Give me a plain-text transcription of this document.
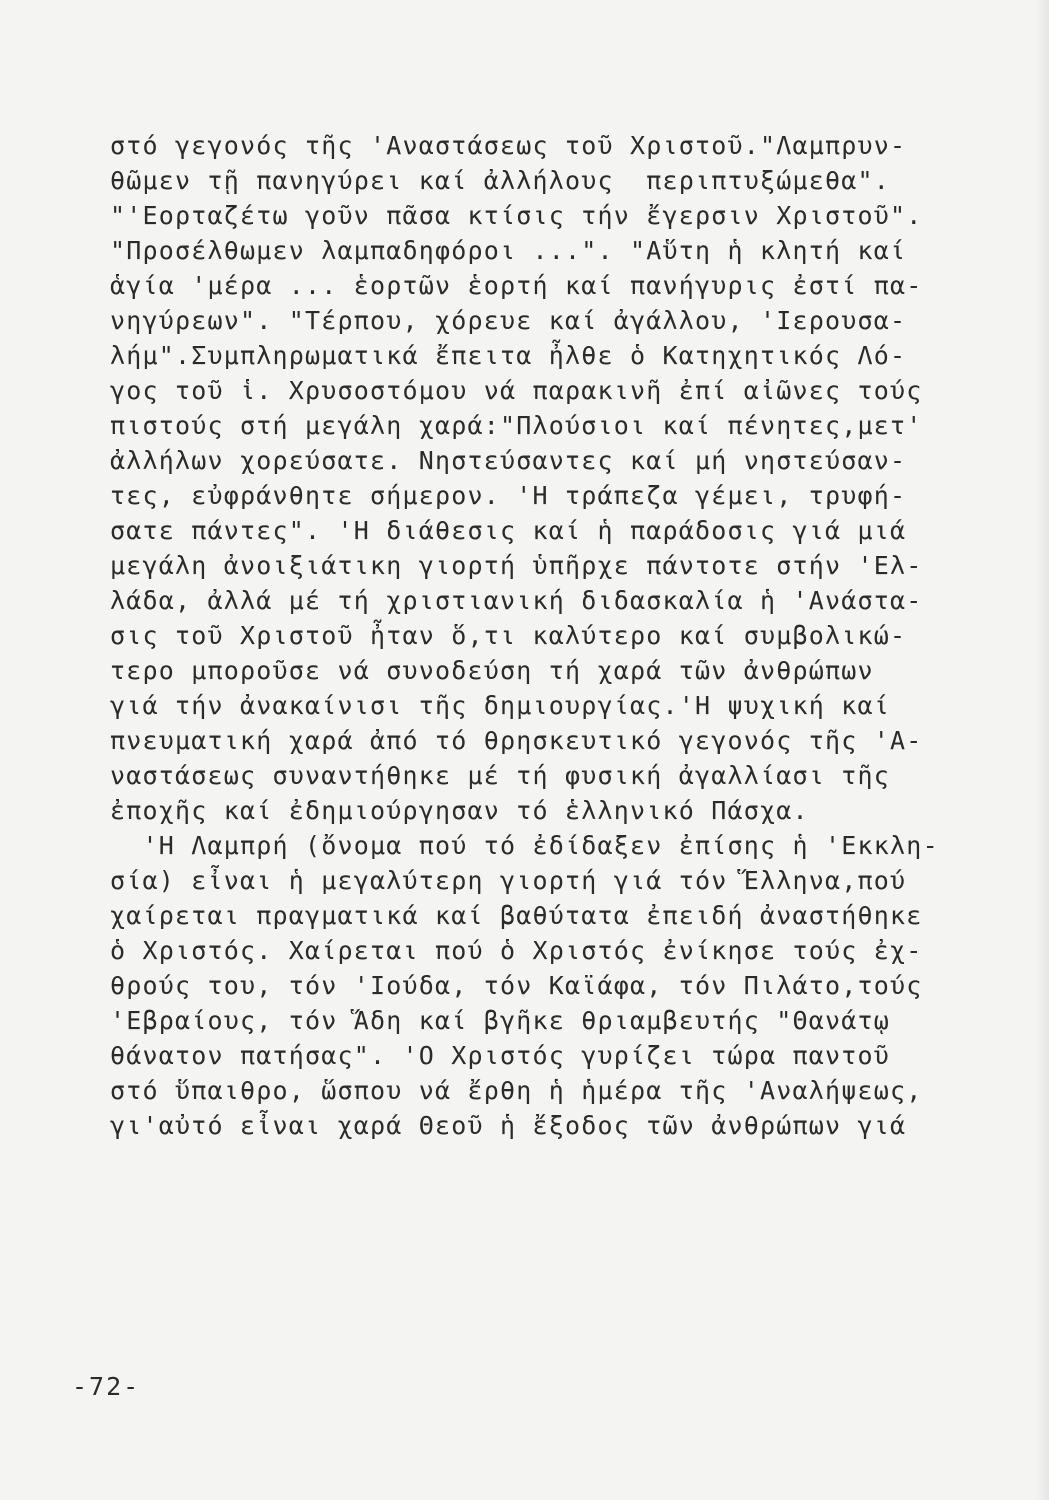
στό γεγονός τῆς 'Αναστάσεως τοῦ Χριστοῦ."Λαμπρυν-
θῶμεν τῇ πανηγύρει καί ἀλλήλους  περιπτυξώμεθα".
"'Εορταζέτω γοῦν πᾶσα κτίσις τήν ἔγερσιν Χριστοῦ".
"Προσέλθωμεν λαμπαδηφόροι ...". "Αὕτη ἡ κλητή καί
ἁγία 'μέρα ... ἑορτῶν ἑορτή καί πανήγυρις ἐστί πα-
νηγύρεων". "Τέρπου, χόρευε καί ἀγάλλου, 'Ιερουσα-
λήμ".Συμπληρωματικά ἔπειτα ἦλθε ὁ Κατηχητικός Λό-
γος τοῦ ἱ. Χρυσοστόμου νά παρακινῆ ἐπί αἰῶνες τούς
πιστούς στή μεγάλη χαρά:"Πλούσιοι καί πένητες,μετ'
ἀλλήλων χορεύσατε. Νηστεύσαντες καί μή νηστεύσαν-
τες, εὐφράνθητε σήμερον. 'Η τράπεζα γέμει, τρυφή-
σατε πάντες". 'Η διάθεσις καί ἡ παράδοσις γιά μιά
μεγάλη ἀνοιξιάτικη γιορτή ὑπῆρχε πάντοτε στήν 'Ελ-
λάδα, ἀλλά μέ τή χριστιανική διδασκαλία ἡ 'Ανάστα-
σις τοῦ Χριστοῦ ἦταν ὅ,τι καλύτερο καί συμβολικώ-
τερο μποροῦσε νά συνοδεύση τή χαρά τῶν ἀνθρώπων
γιά τήν ἀνακαίνισι τῆς δημιουργίας.'Η ψυχική καί
πνευματική χαρά ἀπό τό θρησκευτικό γεγονός τῆς 'Α-
ναστάσεως συναντήθηκε μέ τή φυσική ἀγαλλίασι τῆς
ἐποχῆς καί ἐδημιούργησαν τό ἑλληνικό Πάσχα.
'Η Λαμπρή (ὄνομα πού τό ἐδίδαξεν ἐπίσης ἡ 'Εκκλη-
σία) εἶναι ἡ μεγαλύτερη γιορτή γιά τόν Ἕλληνα,πού
χαίρεται πραγματικά καί βαθύτατα ἐπειδή ἀναστήθηκε
ὁ Χριστός. Χαίρεται πού ὁ Χριστός ἐνίκησε τούς ἐχ-
θρούς του, τόν 'Ιούδα, τόν Καϊάφα, τόν Πιλάτο,τούς
'Εβραίους, τόν Ἅδη καί βγῆκε θριαμβευτής "Θανάτῳ
θάνατον πατήσας". 'Ο Χριστός γυρίζει τώρα παντοῦ
στό ὕπαιθρο, ὥσπου νά ἔρθη ἡ ἡμέρα τῆς 'Αναλήψεως,
γι'αὐτό εἶναι χαρά Θεοῦ ἡ ἔξοδος τῶν ἀνθρώπων γιά
-72-
